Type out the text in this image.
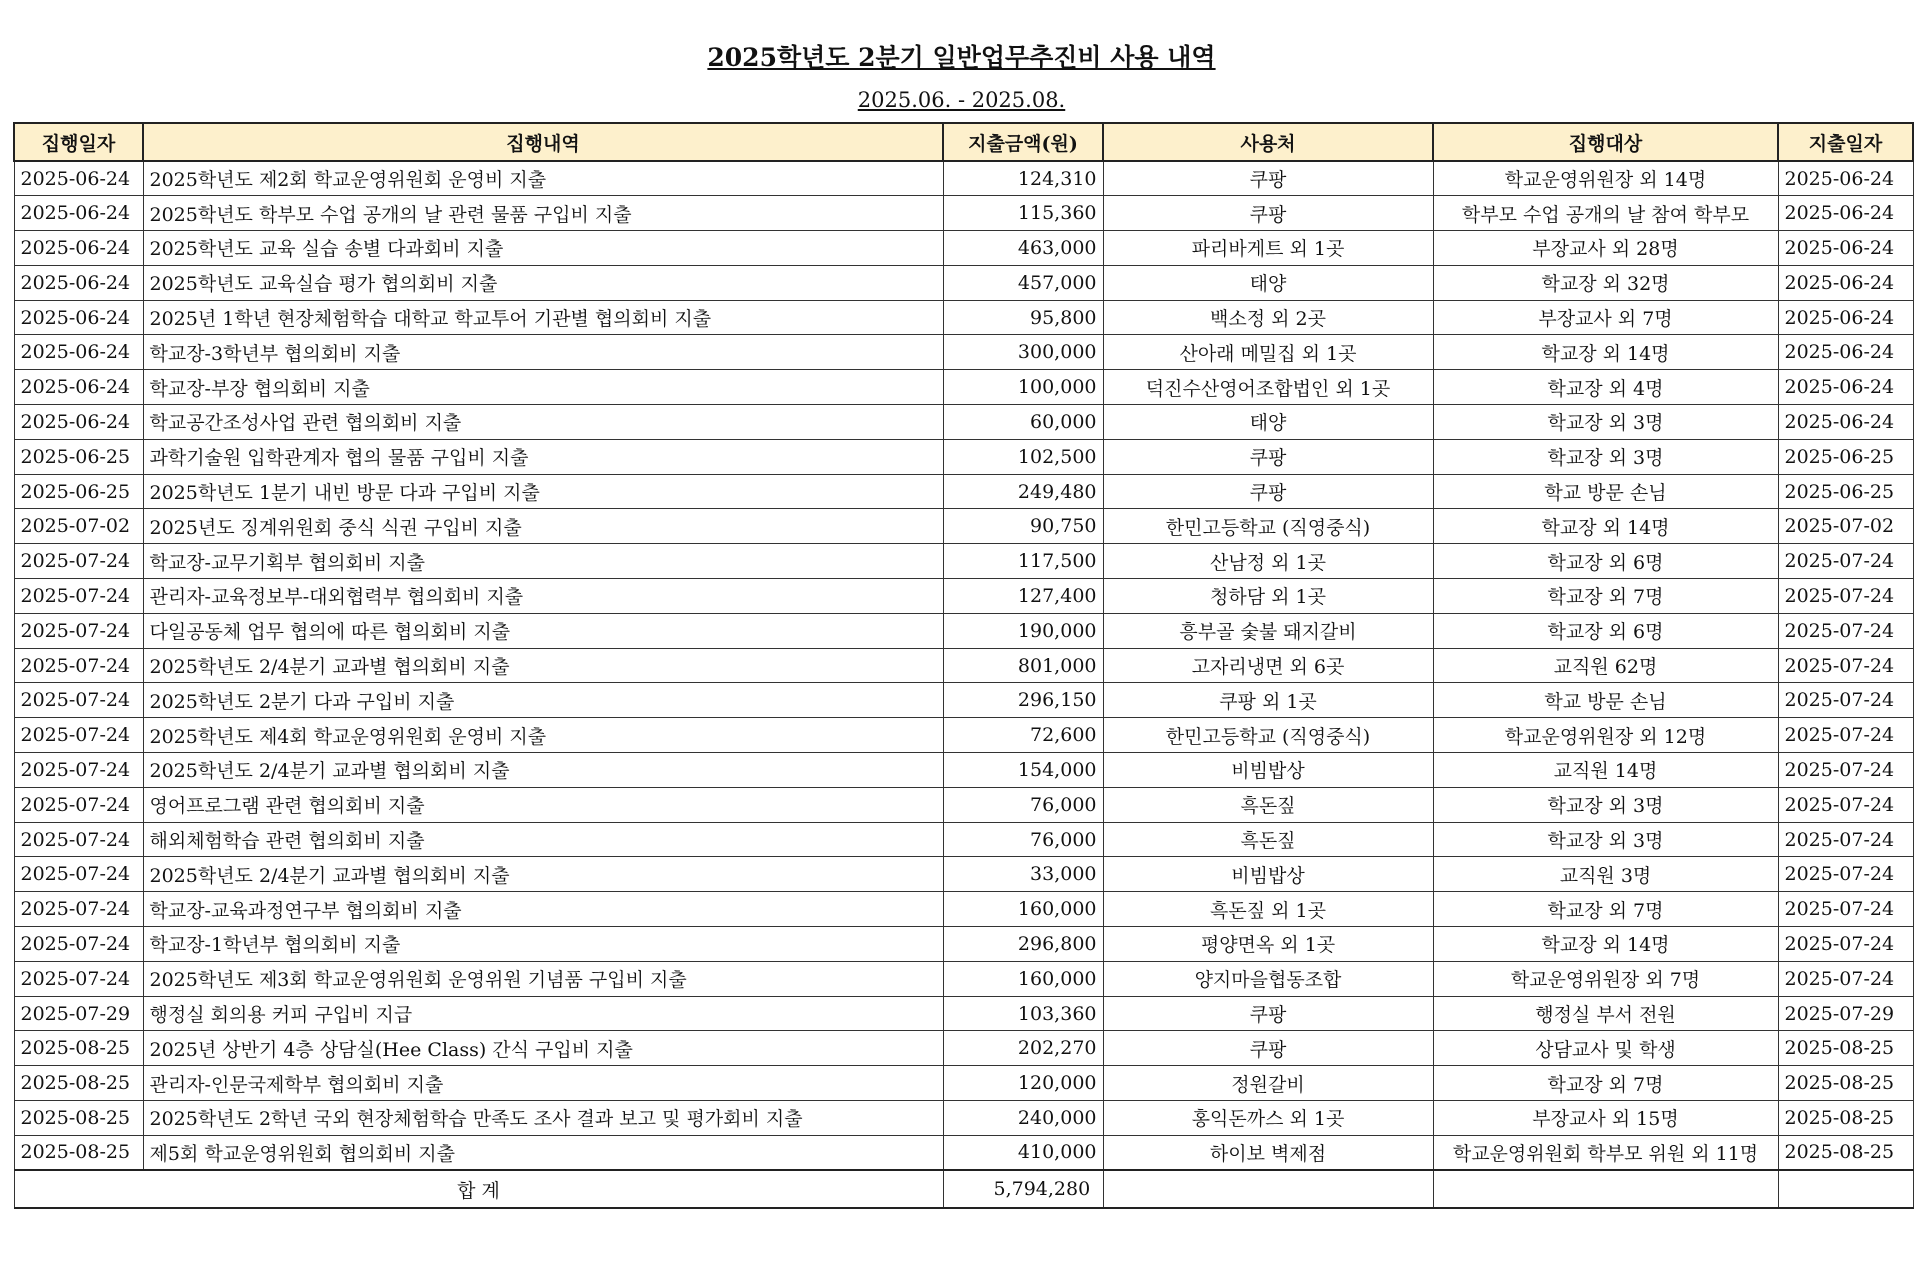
2025학년도 2분기 일반업무추진비 사용 내역
2025.06. - 2025.08.
집행일자	집행내역	지출금액(원)	사용처	집행대상	지출일자
2025-06-24	2025학년도 제2회 학교운영위원회 운영비 지출	124,310	쿠팡	학교운영위원장 외 14명	2025-06-24
2025-06-24	2025학년도 학부모 수업 공개의 날 관련 물품 구입비 지출	115,360	쿠팡	학부모 수업 공개의 날 참여 학부모	2025-06-24
2025-06-24	2025학년도 교육 실습 송별 다과회비 지출	463,000	파리바게트 외 1곳	부장교사 외 28명	2025-06-24
2025-06-24	2025학년도 교육실습 평가 협의회비 지출	457,000	태양	학교장 외 32명	2025-06-24
2025-06-24	2025년 1학년 현장체험학습 대학교 학교투어 기관별 협의회비 지출	95,800	백소정 외 2곳	부장교사 외 7명	2025-06-24
2025-06-24	학교장-3학년부 협의회비 지출	300,000	산아래 메밀집 외 1곳	학교장 외 14명	2025-06-24
2025-06-24	학교장-부장 협의회비 지출	100,000	덕진수산영어조합법인 외 1곳	학교장 외 4명	2025-06-24
2025-06-24	학교공간조성사업 관련 협의회비 지출	60,000	태양	학교장 외 3명	2025-06-24
2025-06-25	과학기술원 입학관계자 협의 물품 구입비 지출	102,500	쿠팡	학교장 외 3명	2025-06-25
2025-06-25	2025학년도 1분기 내빈 방문 다과 구입비 지출	249,480	쿠팡	학교 방문 손님	2025-06-25
2025-07-02	2025년도 징계위원회 중식 식권 구입비 지출	90,750	한민고등학교 (직영중식)	학교장 외 14명	2025-07-02
2025-07-24	학교장-교무기획부 협의회비 지출	117,500	산남정 외 1곳	학교장 외 6명	2025-07-24
2025-07-24	관리자-교육정보부-대외협력부 협의회비 지출	127,400	청하담 외 1곳	학교장 외 7명	2025-07-24
2025-07-24	다일공동체 업무 협의에 따른 협의회비 지출	190,000	흥부골 숯불 돼지갈비	학교장 외 6명	2025-07-24
2025-07-24	2025학년도 2/4분기 교과별 협의회비 지출	801,000	고자리냉면 외 6곳	교직원 62명	2025-07-24
2025-07-24	2025학년도 2분기 다과 구입비 지출	296,150	쿠팡 외 1곳	학교 방문 손님	2025-07-24
2025-07-24	2025학년도 제4회 학교운영위원회 운영비 지출	72,600	한민고등학교 (직영중식)	학교운영위원장 외 12명	2025-07-24
2025-07-24	2025학년도 2/4분기 교과별 협의회비 지출	154,000	비빔밥상	교직원 14명	2025-07-24
2025-07-24	영어프로그램 관련 협의회비 지출	76,000	흑돈짚	학교장 외 3명	2025-07-24
2025-07-24	해외체험학습 관련 협의회비 지출	76,000	흑돈짚	학교장 외 3명	2025-07-24
2025-07-24	2025학년도 2/4분기 교과별 협의회비 지출	33,000	비빔밥상	교직원 3명	2025-07-24
2025-07-24	학교장-교육과정연구부 협의회비 지출	160,000	흑돈짚 외 1곳	학교장 외 7명	2025-07-24
2025-07-24	학교장-1학년부 협의회비 지출	296,800	평양면옥 외 1곳	학교장 외 14명	2025-07-24
2025-07-24	2025학년도 제3회 학교운영위원회 운영위원 기념품 구입비 지출	160,000	양지마을협동조합	학교운영위원장 외 7명	2025-07-24
2025-07-29	행정실 회의용 커피 구입비 지급	103,360	쿠팡	행정실 부서 전원	2025-07-29
2025-08-25	2025년 상반기 4층 상담실(Hee Class) 간식 구입비 지출	202,270	쿠팡	상담교사 및 학생	2025-08-25
2025-08-25	관리자-인문국제학부 협의회비 지출	120,000	정원갈비	학교장 외 7명	2025-08-25
2025-08-25	2025학년도 2학년 국외 현장체험학습 만족도 조사 결과 보고 및 평가회비 지출	240,000	홍익돈까스 외 1곳	부장교사 외 15명	2025-08-25
2025-08-25	제5회 학교운영위원회 협의회비 지출	410,000	하이보 벽제점	학교운영위원회 학부모 위원 외 11명	2025-08-25
합 계		5,794,280			
